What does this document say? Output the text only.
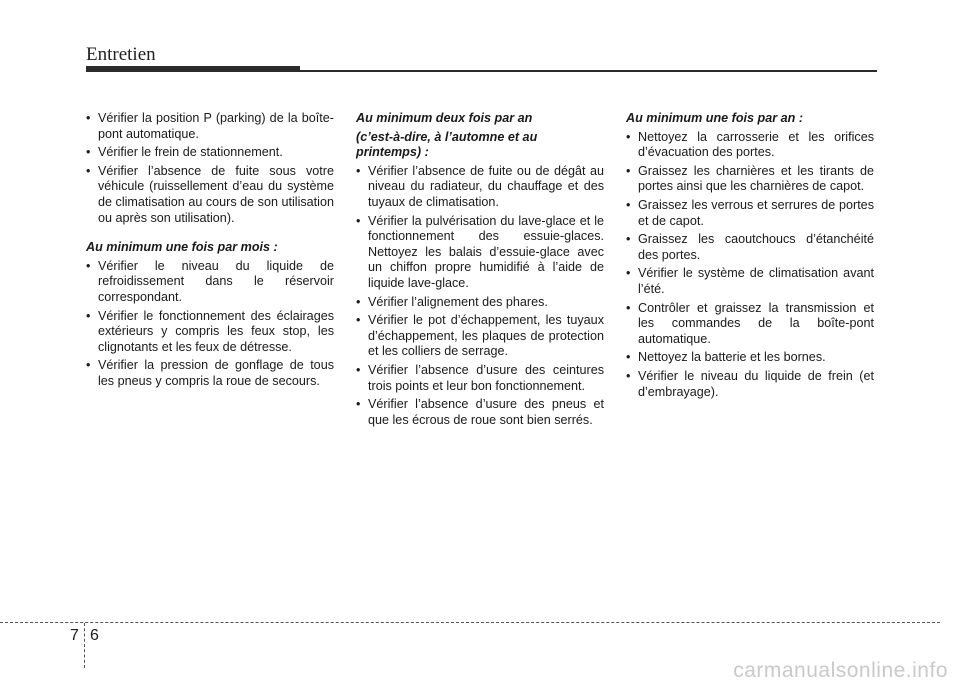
Entretien
• Vérifier la position P (parking) de la boîte-pont automatique.
• Vérifier le frein de stationnement.
• Vérifier l’absence de fuite sous votre véhicule (ruissellement d’eau du système de climatisation au cours de son utilisation ou après son utilisation).
Au minimum une fois par mois :
• Vérifier le niveau du liquide de refroidissement dans le réservoir correspondant.
• Vérifier le fonctionnement des éclairages extérieurs y compris les feux stop, les clignotants et les feux de détresse.
• Vérifier la pression de gonflage de tous les pneus y compris la roue de secours.
Au minimum deux fois par an
(c’est-à-dire, à l’automne et au printemps) :
• Vérifier l’absence de fuite ou de dégât au niveau du radiateur, du chauffage et des tuyaux de climatisation.
• Vérifier la pulvérisation du lave-glace et le fonctionnement des essuie-glaces. Nettoyez les balais d’essuie-glace avec un chiffon propre humidifié à l’aide de liquide lave-glace.
• Vérifier l’alignement des phares.
• Vérifier le pot d’échappement, les tuyaux d’échappement, les plaques de protection et les colliers de serrage.
• Vérifier l’absence d’usure des ceintures trois points et leur bon fonctionnement.
• Vérifier l’absence d’usure des pneus et que les écrous de roue sont bien serrés.
Au minimum une fois par an :
• Nettoyez la carrosserie et les orifices d’évacuation des portes.
• Graissez les charnières et les tirants de portes ainsi que les charnières de capot.
• Graissez les verrous et serrures de portes et de capot.
• Graissez les caoutchoucs d’étanchéité des portes.
• Vérifier le système de climatisation avant l’été.
• Contrôler et graissez la transmission et les commandes de la boîte-pont automatique.
• Nettoyez la batterie et les bornes.
• Vérifier le niveau du liquide de frein (et d’embrayage).
7 6
carmanualsonline.info
